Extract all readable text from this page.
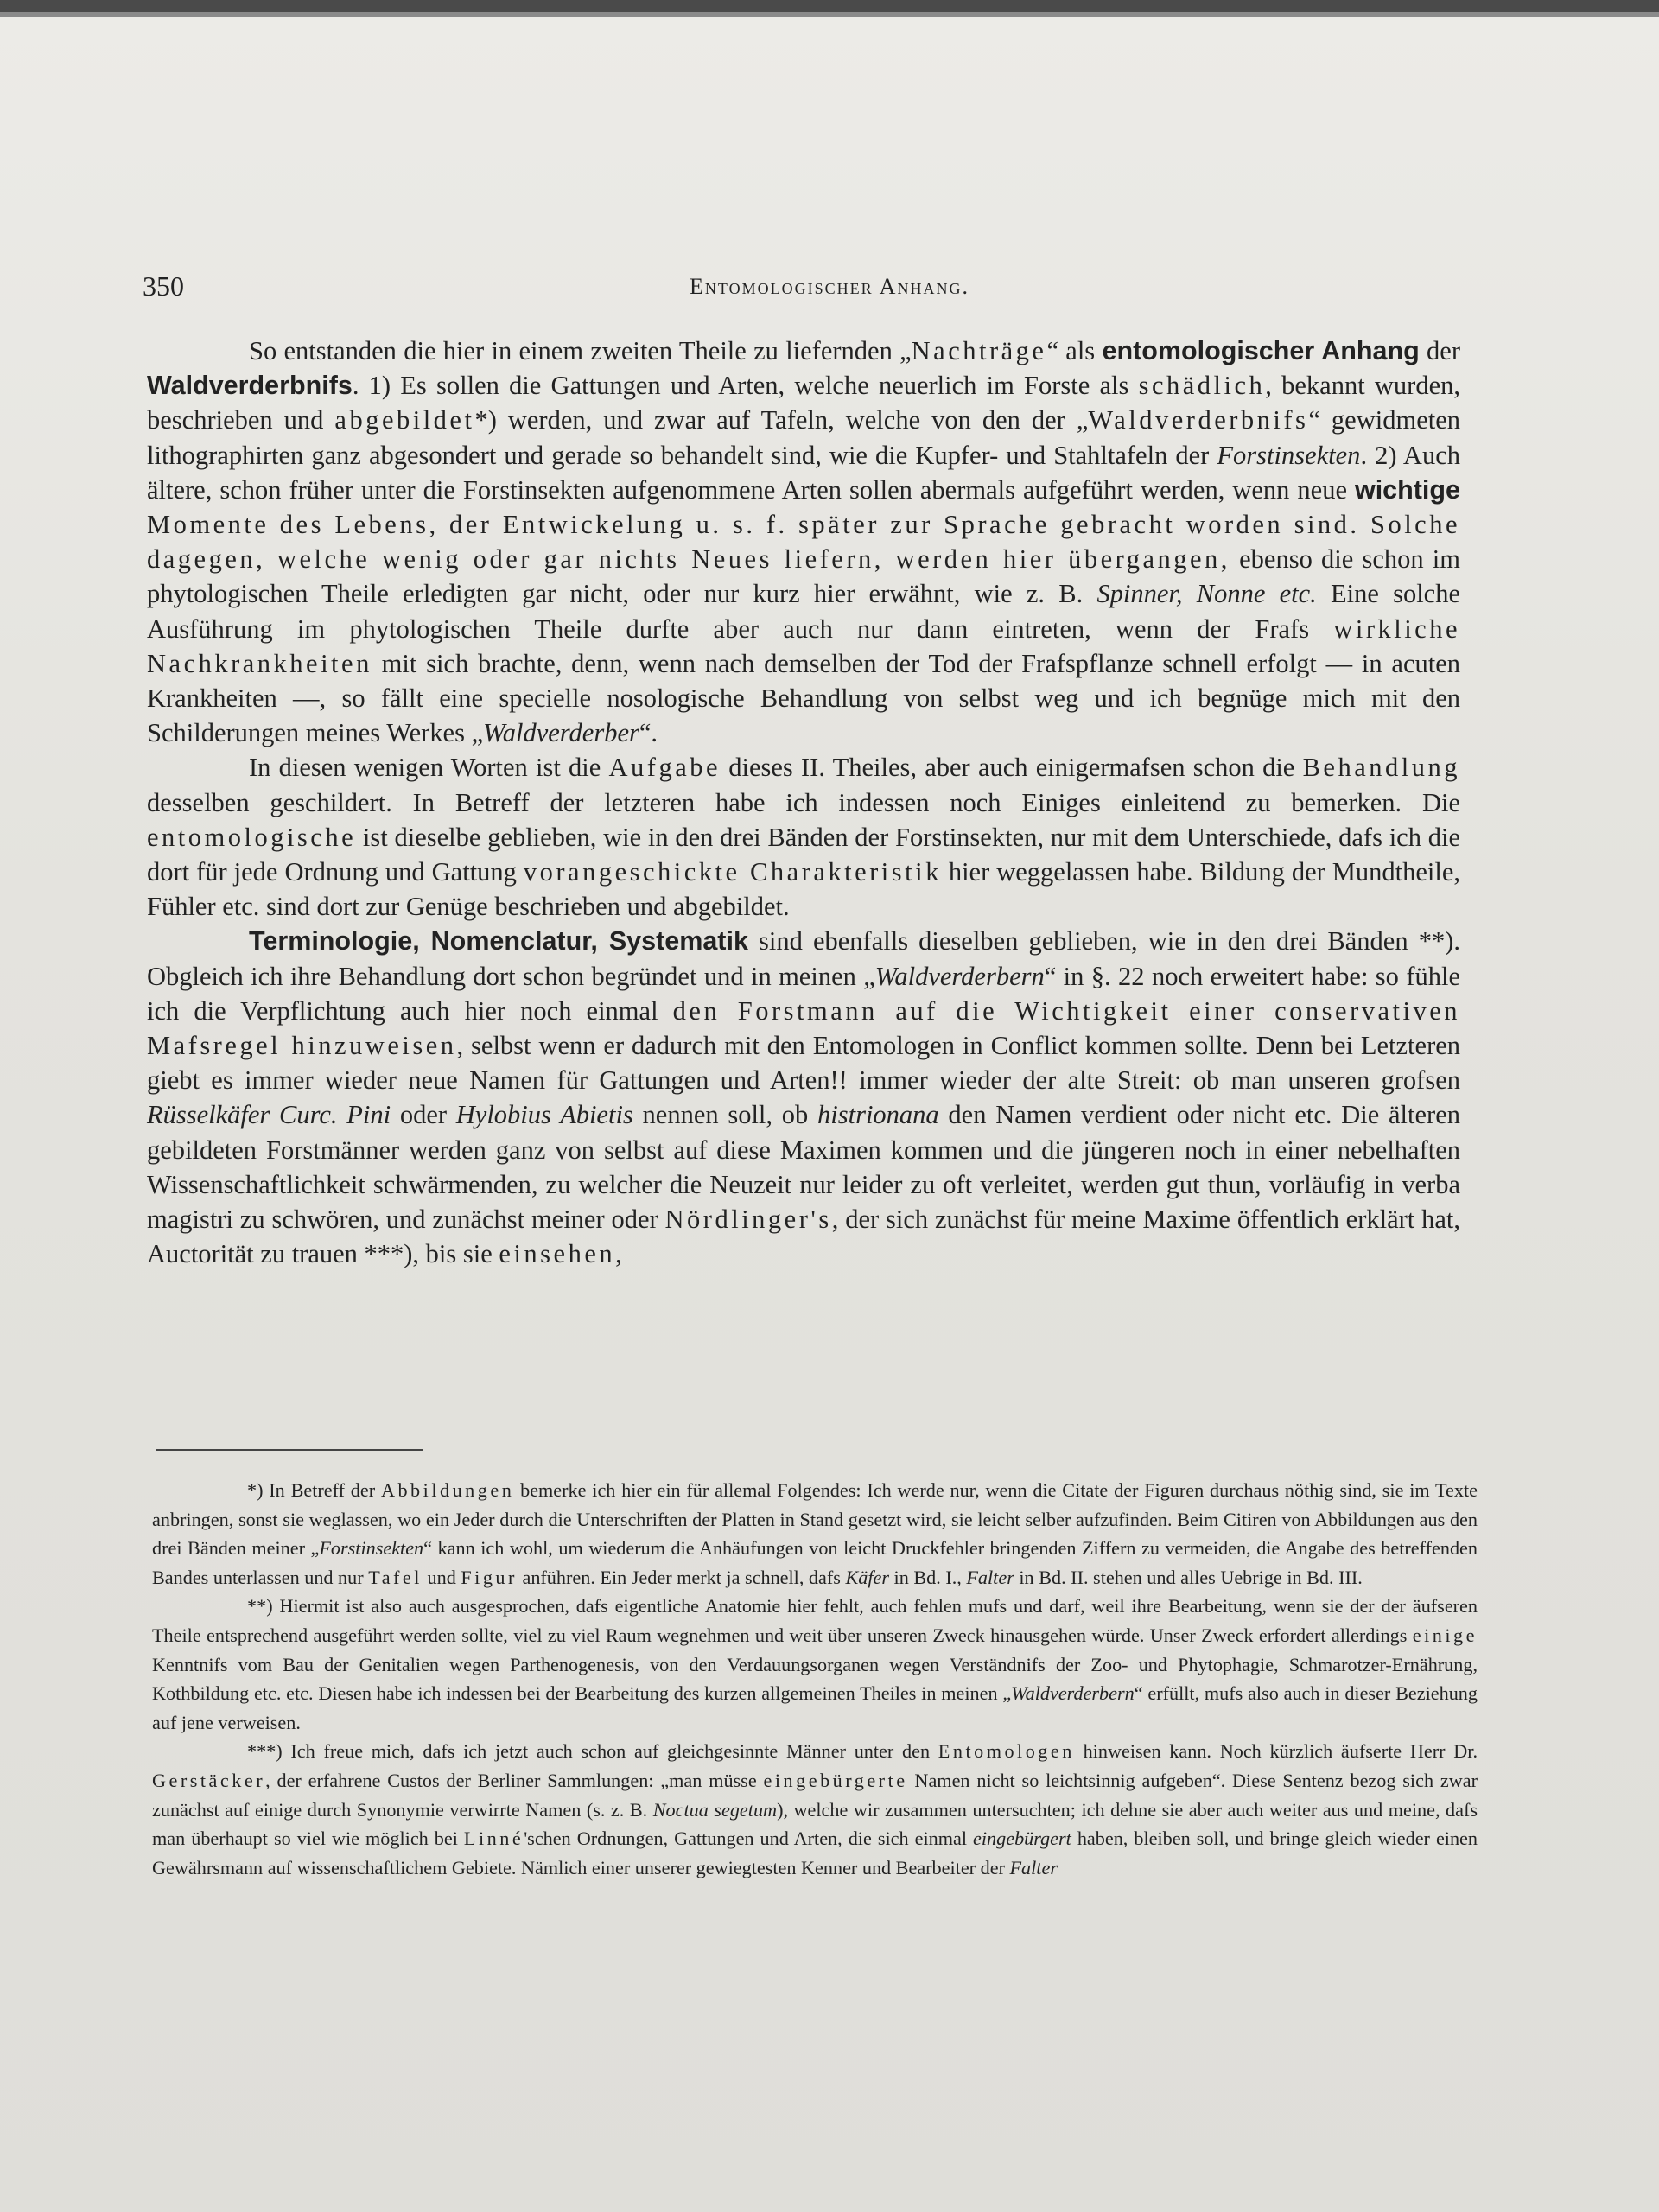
350	Entomologischer Anhang.

So entstanden die hier in einem zweiten Theile zu liefernden „Nachträge“ als entomologischer Anhang der Waldverderbnifs. 1) Es sollen die Gattungen und Arten, welche neuerlich im Forste als schädlich, bekannt wurden, beschrieben und abgebildet*) werden, und zwar auf Tafeln, welche von den der „Waldverderbnifs“ gewidmeten lithographirten ganz abgesondert und gerade so behandelt sind, wie die Kupfer- und Stahltafeln der Forstinsekten. 2) Auch ältere, schon früher unter die Forstinsekten aufgenommene Arten sollen abermals aufgeführt werden, wenn neue wichtige Momente des Lebens, der Entwickelung u. s. f. später zur Sprache gebracht worden sind. Solche dagegen, welche wenig oder gar nichts Neues liefern, werden hier übergangen, ebenso die schon im phytologischen Theile erledigten gar nicht, oder nur kurz hier erwähnt, wie z. B. Spinner, Nonne etc. Eine solche Ausführung im phytologischen Theile durfte aber auch nur dann eintreten, wenn der Frafs wirkliche Nachkrankheiten mit sich brachte, denn, wenn nach demselben der Tod der Frafspflanze schnell erfolgt — in acuten Krankheiten —, so fällt eine specielle nosologische Behandlung von selbst weg und ich begnüge mich mit den Schilderungen meines Werkes „Waldverderber“.

In diesen wenigen Worten ist die Aufgabe dieses II. Theiles, aber auch einigermafsen schon die Behandlung desselben geschildert. In Betreff der letzteren habe ich indessen noch Einiges einleitend zu bemerken. Die entomologische ist dieselbe geblieben, wie in den drei Bänden der Forstinsekten, nur mit dem Unterschiede, dafs ich die dort für jede Ordnung und Gattung vorangeschickte Charakteristik hier weggelassen habe. Bildung der Mundtheile, Fühler etc. sind dort zur Genüge beschrieben und abgebildet.

Terminologie, Nomenclatur, Systematik sind ebenfalls dieselben geblieben, wie in den drei Bänden **). Obgleich ich ihre Behandlung dort schon begründet und in meinen „Waldverderbern“ in §. 22 noch erweitert habe: so fühle ich die Verpflichtung auch hier noch einmal den Forstmann auf die Wichtigkeit einer conservativen Mafsregel hinzuweisen, selbst wenn er dadurch mit den Entomologen in Conflict kommen sollte. Denn bei Letzteren giebt es immer wieder neue Namen für Gattungen und Arten!! immer wieder der alte Streit: ob man unseren grofsen Rüsselkäfer Curc. Pini oder Hylobius Abietis nennen soll, ob histrionana den Namen verdient oder nicht etc. Die älteren gebildeten Forstmänner werden ganz von selbst auf diese Maximen kommen und die jüngeren noch in einer nebelhaften Wissenschaftlichkeit schwärmenden, zu welcher die Neuzeit nur leider zu oft verleitet, werden gut thun, vorläufig in verba magistri zu schwören, und zunächst meiner oder Nördlinger's, der sich zunächst für meine Maxime öffentlich erklärt hat, Auctorität zu trauen ***), bis sie einsehen,

*) In Betreff der Abbildungen bemerke ich hier ein für allemal Folgendes: Ich werde nur, wenn die Citate der Figuren durchaus nöthig sind, sie im Texte anbringen, sonst sie weglassen, wo ein Jeder durch die Unterschriften der Platten in Stand gesetzt wird, sie leicht selber aufzufinden. Beim Citiren von Abbildungen aus den drei Bänden meiner „Forstinsekten“ kann ich wohl, um wiederum die Anhäufungen von leicht Druckfehler bringenden Ziffern zu vermeiden, die Angabe des betreffenden Bandes unterlassen und nur Tafel und Figur anführen. Ein Jeder merkt ja schnell, dafs Käfer in Bd. I., Falter in Bd. II. stehen und alles Uebrige in Bd. III.

**) Hiermit ist also auch ausgesprochen, dafs eigentliche Anatomie hier fehlt, auch fehlen mufs und darf, weil ihre Bearbeitung, wenn sie der der äufseren Theile entsprechend ausgeführt werden sollte, viel zu viel Raum wegnehmen und weit über unseren Zweck hinausgehen würde. Unser Zweck erfordert allerdings einige Kenntnifs vom Bau der Genitalien wegen Parthenogenesis, von den Verdauungsorganen wegen Verständnifs der Zoo- und Phytophagie, Schmarotzer-Ernährung, Kothbildung etc. etc. Diesen habe ich indessen bei der Bearbeitung des kurzen allgemeinen Theiles in meinen „Waldverderbern“ erfüllt, mufs also auch in dieser Beziehung auf jene verweisen.

***) Ich freue mich, dafs ich jetzt auch schon auf gleichgesinnte Männer unter den Entomologen hinweisen kann. Noch kürzlich äufserte Herr Dr. Gerstäcker, der erfahrene Custos der Berliner Sammlungen: „man müsse eingebürgerte Namen nicht so leichtsinnig aufgeben“. Diese Sentenz bezog sich zwar zunächst auf einige durch Synonymie verwirrte Namen (s. z. B. Noctua segetum), welche wir zusammen untersuchten; ich dehne sie aber auch weiter aus und meine, dafs man überhaupt so viel wie möglich bei Linné'schen Ordnungen, Gattungen und Arten, die sich einmal eingebürgert haben, bleiben soll, und bringe gleich wieder einen Gewährsmann auf wissenschaftlichem Gebiete. Nämlich einer unserer gewiegtesten Kenner und Bearbeiter der Falter
